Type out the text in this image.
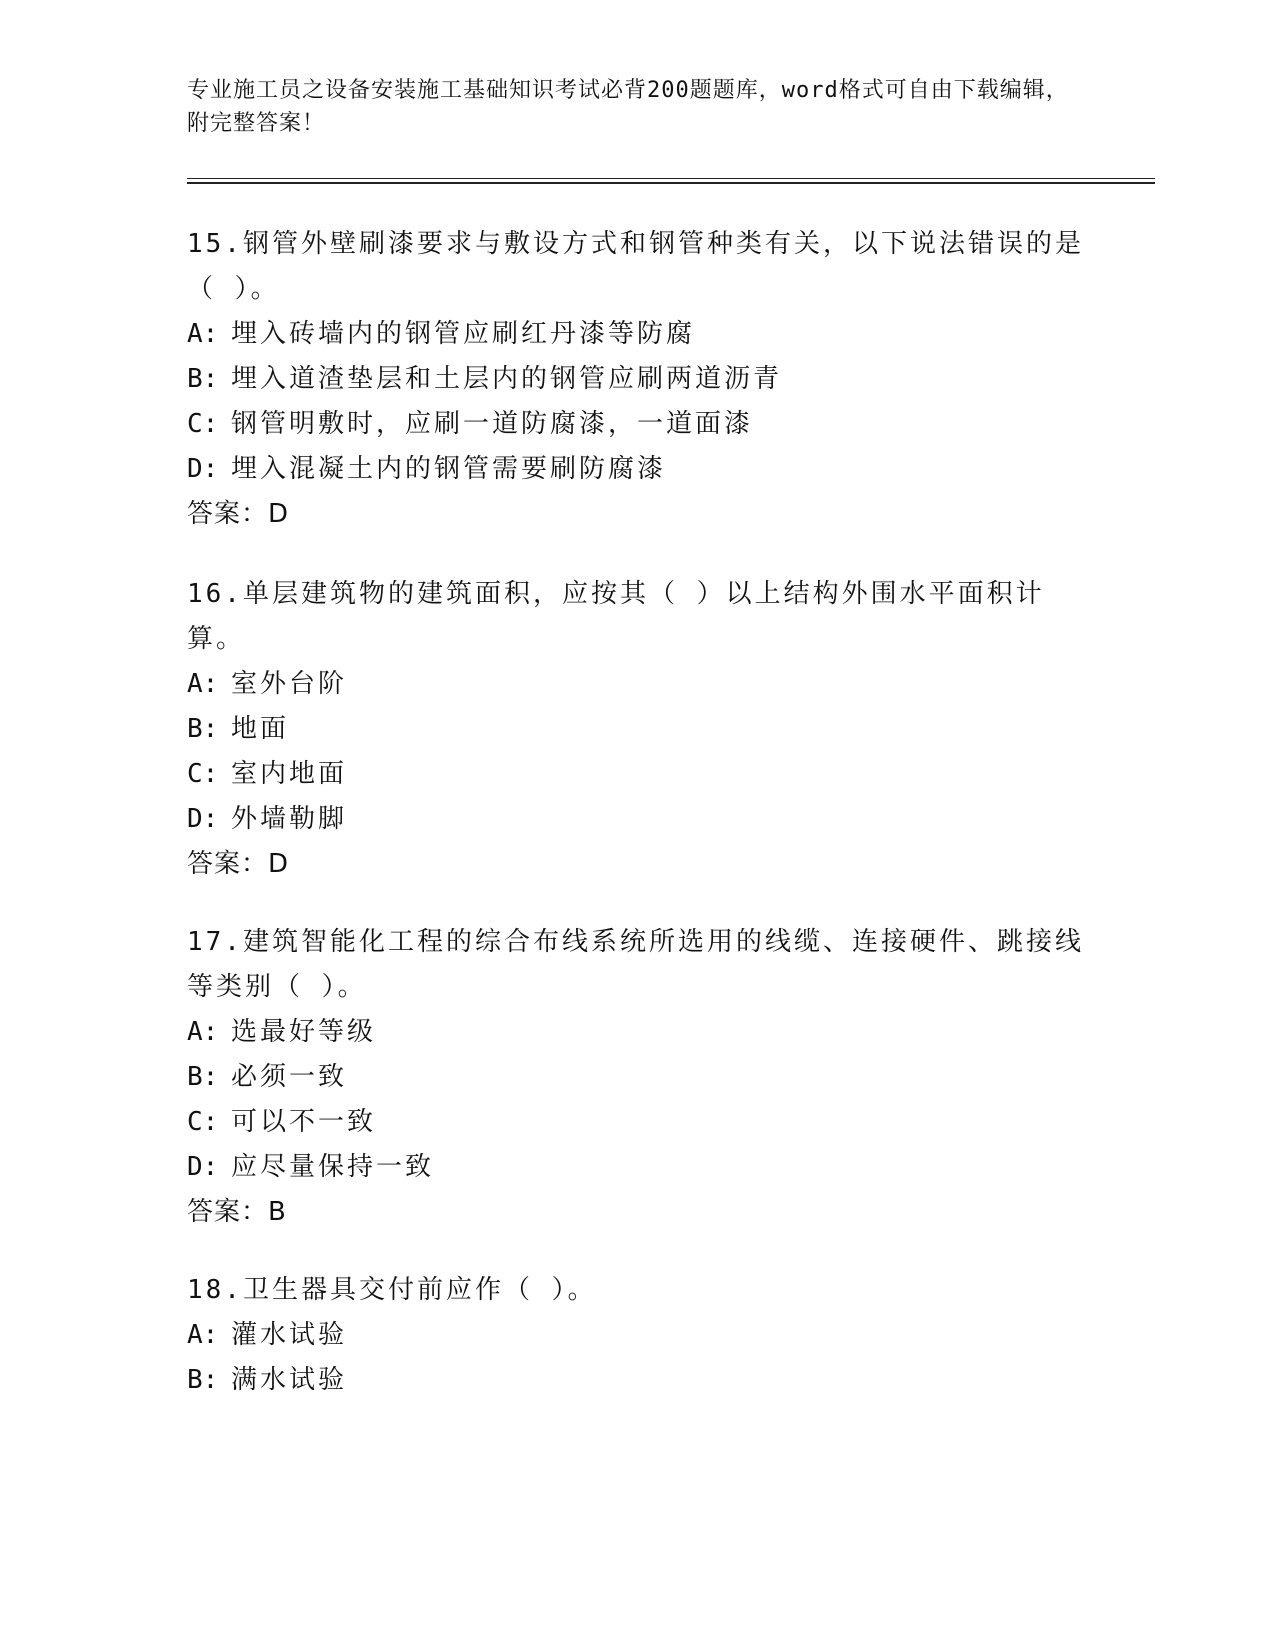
专业施工员之设备安装施工基础知识考试必背200题题库，word格式可自由下载编辑，附完整答案！

15.钢管外壁刷漆要求与敷设方式和钢管种类有关，以下说法错误的是（ ）。

A: 埋入砖墙内的钢管应刷红丹漆等防腐

B: 埋入道渣垫层和土层内的钢管应刷两道沥青

C: 钢管明敷时，应刷一道防腐漆，一道面漆

D: 埋入混凝土内的钢管需要刷防腐漆

答案：D

16.单层建筑物的建筑面积，应按其（ ）以上结构外围水平面积计算。

A: 室外台阶

B: 地面

C: 室内地面

D: 外墙勒脚

答案：D

17.建筑智能化工程的综合布线系统所选用的线缆、连接硬件、跳接线等类别（ ）。

A: 选最好等级

B: 必须一致

C: 可以不一致

D: 应尽量保持一致

答案：B

18.卫生器具交付前应作（ ）。

A: 灌水试验

B: 满水试验
